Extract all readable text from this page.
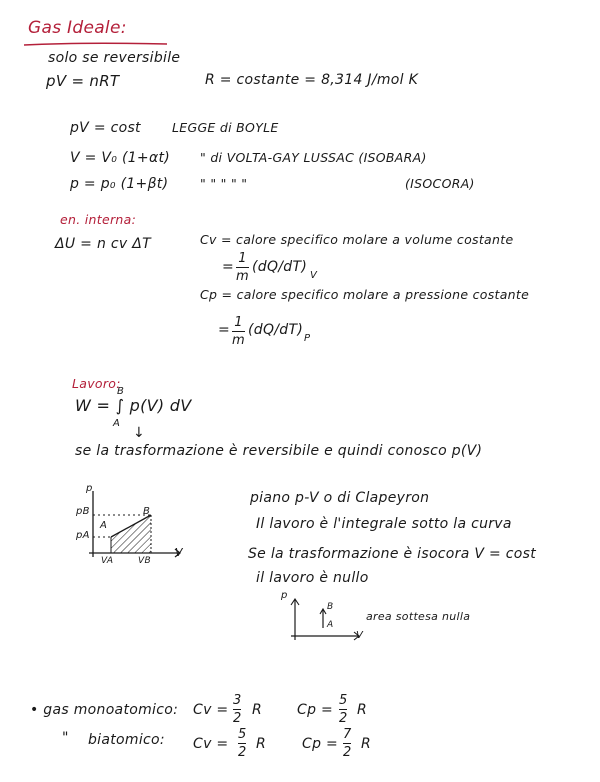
Gas Ideale:
solo se reversibile
pV = nRT	R = costante = 8,314 J/mol K
pV = cost LEGGE di BOYLE
V = V₀ (1+αt) " di VOLTA-GAY LUSSAC (ISOBARA)
p = p₀ (1+βt)	" " " " "	(ISOCORA)
en. interna:
ΔU = n cv ΔT	Cv = calore specifico molare a volume costante
=
1
m
(dQ/dT)
V
Cp = calore specifico molare a pressione costante
= 1
m
(dQ/dT)
P
Lavoro:
W = ∫ p(V) dV
B
A
↓
se la trasformazione è reversibile e quindi conosco p(V)
p
V
pB
pA
A
B
VA	VB
piano p-V o di Clapeyron
Il lavoro è l'integrale sotto la curva
Se la trasformazione è isocora V = cost
il lavoro è nullo
p
V
B
A
area sottesa nulla
• gas monoatomico: Cv =
3
2
R Cp =
5
2
R
" biatomico: Cv =
5
2
R	Cp =
7
2
R
